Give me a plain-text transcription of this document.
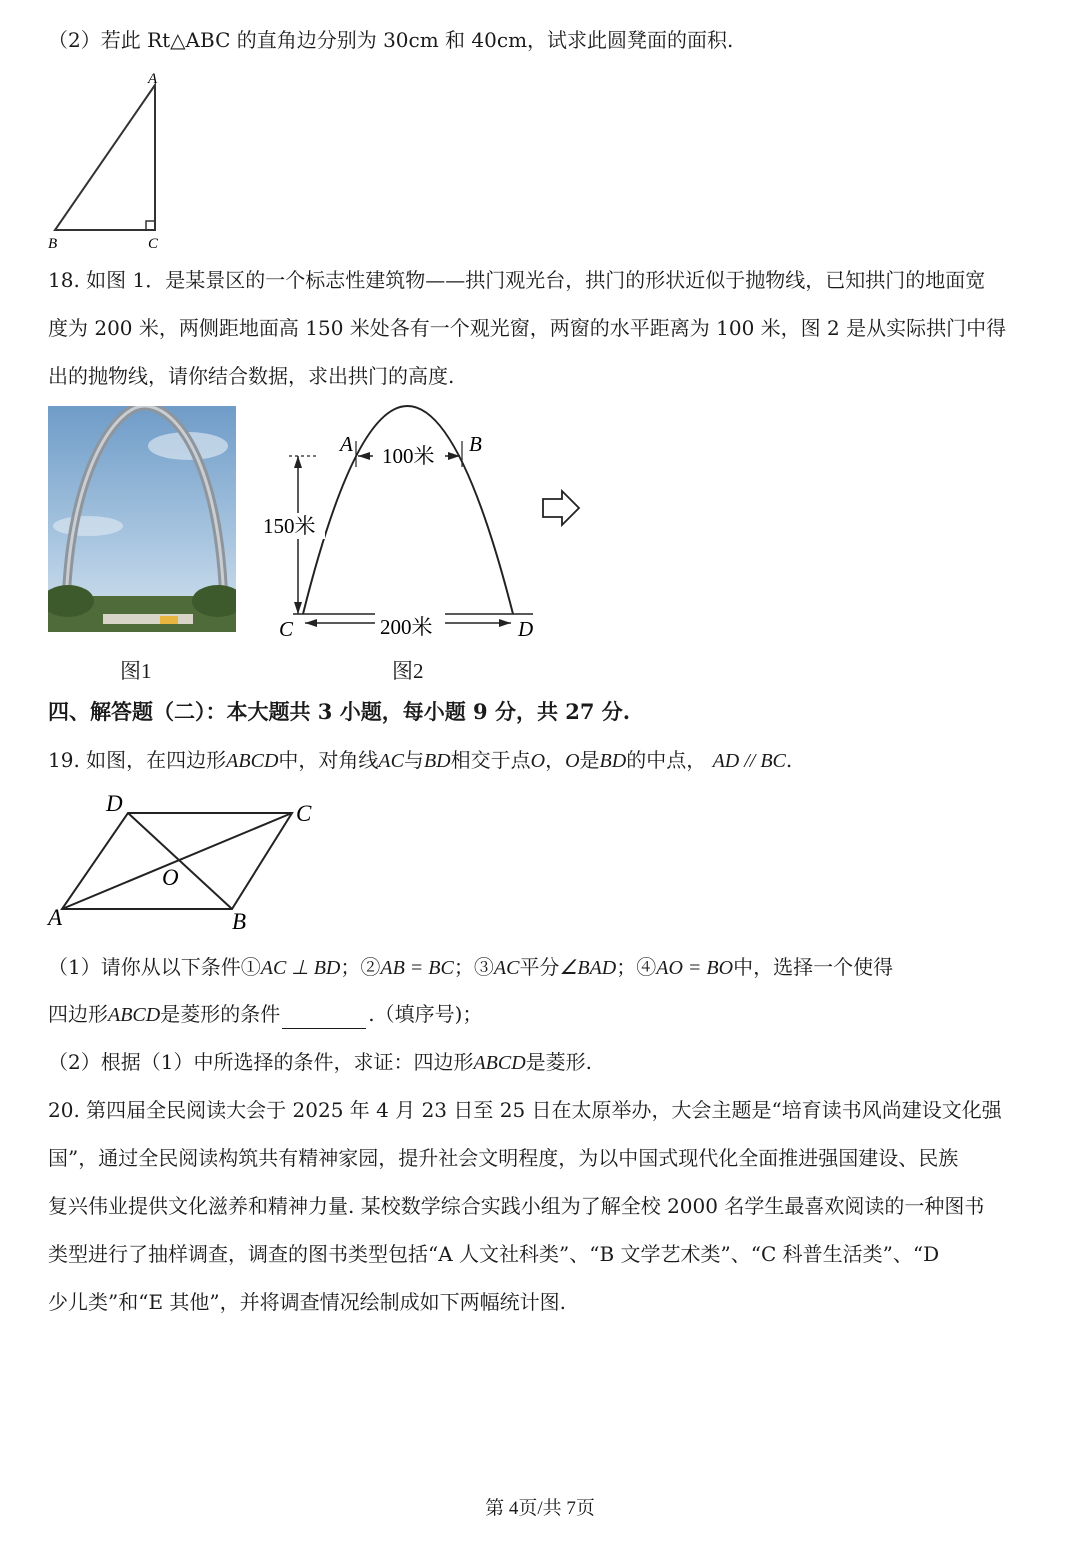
（2）若此 Rt△ABC 的直角边分别为 30cm 和 40cm，试求此圆凳面的面积.
A
B	C
18. 如图 1．是某景区的一个标志性建筑物——拱门观光台，拱门的形状近似于抛物线，已知拱门的地面宽
度为 200 米，两侧距地面高 150 米处各有一个观光窗，两窗的水平距离为 100 米，图 2 是从实际拱门中得
出的抛物线，请你结合数据，求出拱门的高度.
图1
100米
150米
200米
A	B
C	D
图2
四、解答题（二）：本大题共 3 小题，每小题 9 分，共 27 分.
19. 如图，在四边形ABCD中，对角线AC与BD相交于点O，O是BD的中点， AD // BC.
D	C
O
A	B
（1）请你从以下条件①AC ⊥ BD；②AB = BC；③AC平分∠BAD；④AO = BO中，选择一个使得
四边形ABCD是菱形的条件	.（填序号)；
（2）根据（1）中所选择的条件，求证：四边形ABCD是菱形.
20. 第四届全民阅读大会于 2025 年 4 月 23 日至 25 日在太原举办，大会主题是“培育读书风尚建设文化强
国”，通过全民阅读构筑共有精神家园，提升社会文明程度，为以中国式现代化全面推进强国建设、民族
复兴伟业提供文化滋养和精神力量. 某校数学综合实践小组为了解全校 2000 名学生最喜欢阅读的一种图书
类型进行了抽样调查，调查的图书类型包括“A 人文社科类”、“B 文学艺术类”、“C 科普生活类”、“D
少儿类”和“E 其他”，并将调查情况绘制成如下两幅统计图.
第 4页/共 7页
